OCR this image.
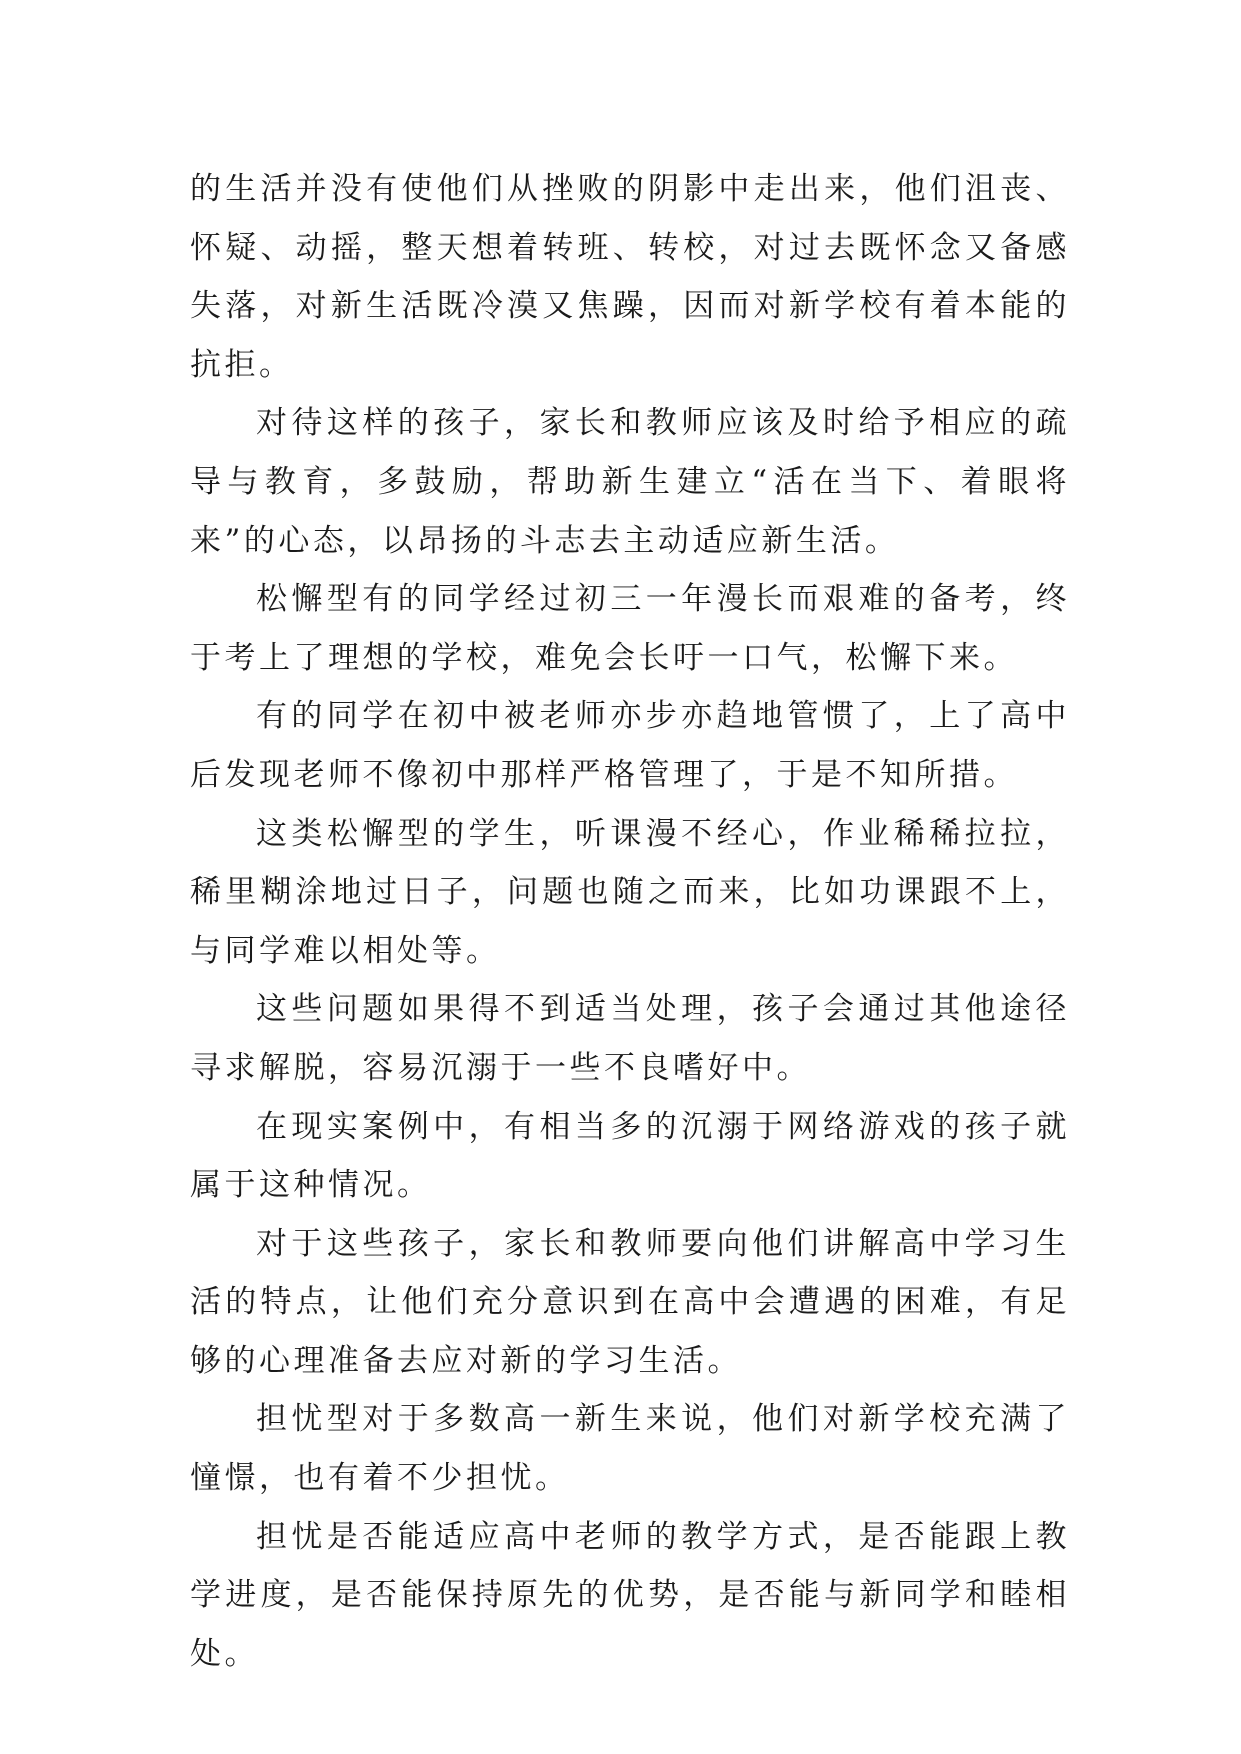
的生活并没有使他们从挫败的阴影中走出来，他们沮丧、怀疑、动摇，整天想着转班、转校，对过去既怀念又备感失落，对新生活既冷漠又焦躁，因而对新学校有着本能的抗拒。

对待这样的孩子，家长和教师应该及时给予相应的疏导与教育，多鼓励，帮助新生建立“活在当下、着眼将来”的心态，以昂扬的斗志去主动适应新生活。

松懈型有的同学经过初三一年漫长而艰难的备考，终于考上了理想的学校，难免会长吁一口气，松懈下来。

有的同学在初中被老师亦步亦趋地管惯了，上了高中后发现老师不像初中那样严格管理了，于是不知所措。

这类松懈型的学生，听课漫不经心，作业稀稀拉拉，稀里糊涂地过日子，问题也随之而来，比如功课跟不上，与同学难以相处等。

这些问题如果得不到适当处理，孩子会通过其他途径寻求解脱，容易沉溺于一些不良嗜好中。

在现实案例中，有相当多的沉溺于网络游戏的孩子就属于这种情况。

对于这些孩子，家长和教师要向他们讲解高中学习生活的特点，让他们充分意识到在高中会遭遇的困难，有足够的心理准备去应对新的学习生活。

担忧型对于多数高一新生来说，他们对新学校充满了憧憬，也有着不少担忧。

担忧是否能适应高中老师的教学方式，是否能跟上教学进度，是否能保持原先的优势，是否能与新同学和睦相处。
